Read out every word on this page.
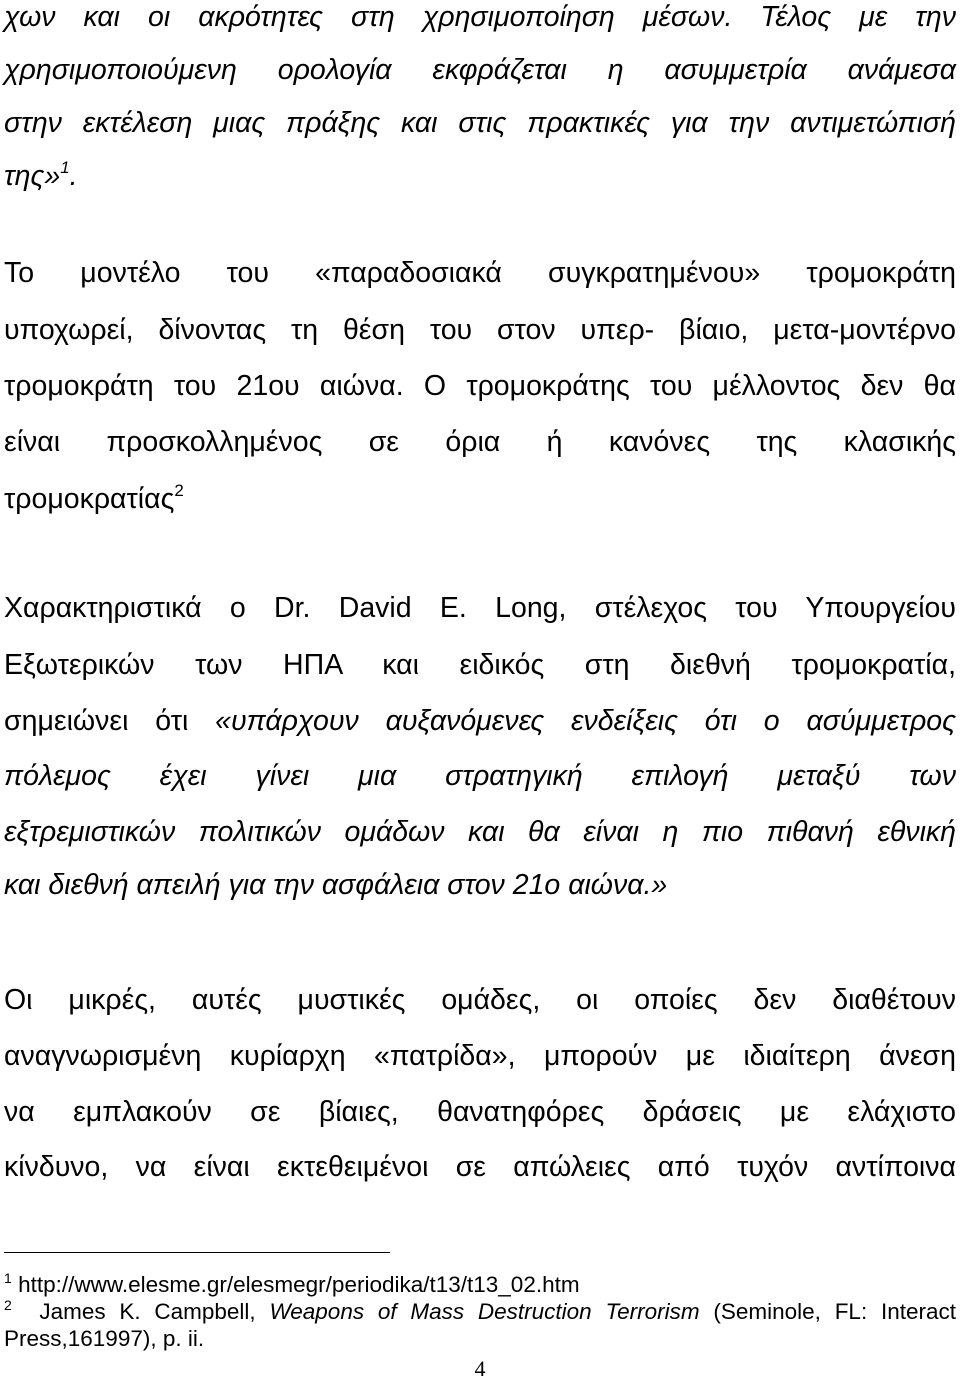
χων και οι ακρότητες στη χρησιμοποίηση μέσων. Τέλος με την
χρησιμοποιούμενη ορολογία εκφράζεται η ασυμμετρία ανάμεσα
στην εκτέλεση μιας πράξης και στις πρακτικές για την αντιμετώπισή
της»$^1$.
Το μοντέλο του «παραδοσιακά συγκρατημένου» τρομοκράτη
υποχωρεί, δίνοντας τη θέση του στον υπερ- βίαιο, μετα-μοντέρνο
τρομοκράτη του 21ου αιώνα. Ο τρομοκράτης του μέλλοντος δεν θα
είναι προσκολλημένος σε όρια ή κανόνες της κλασικής
τρομοκρατίας$^2$
Χαρακτηριστικά ο Dr. David E. Long, στέλεχος του Υπουργείου
Εξωτερικών των ΗΠΑ και ειδικός στη διεθνή τρομοκρατία,
σημειώνει ότι «υπάρχουν αυξανόμενες ενδείξεις ότι ο ασύμμετρος
πόλεμος έχει γίνει μια στρατηγική επιλογή μεταξύ των
εξτρεμιστικών πολιτικών ομάδων και θα είναι η πιο πιθανή εθνική
και διεθνή απειλή για την ασφάλεια στον 21ο αιώνα.»
Οι μικρές, αυτές μυστικές ομάδες, οι οποίες δεν διαθέτουν
αναγνωρισμένη κυρίαρχη «πατρίδα», μπορούν με ιδιαίτερη άνεση
να εμπλακούν σε βίαιες, θανατηφόρες δράσεις με ελάχιστο
κίνδυνο, να είναι εκτεθειμένοι σε απώλειες από τυχόν αντίποινα
$^1$ http://www.elesme.gr/elesmegr/periodika/t13/t13_02.htm
$^2$ James K. Campbell, Weapons of Mass Destruction Terrorism (Seminole, FL: Interact
Press,161997), p. ii.
4
